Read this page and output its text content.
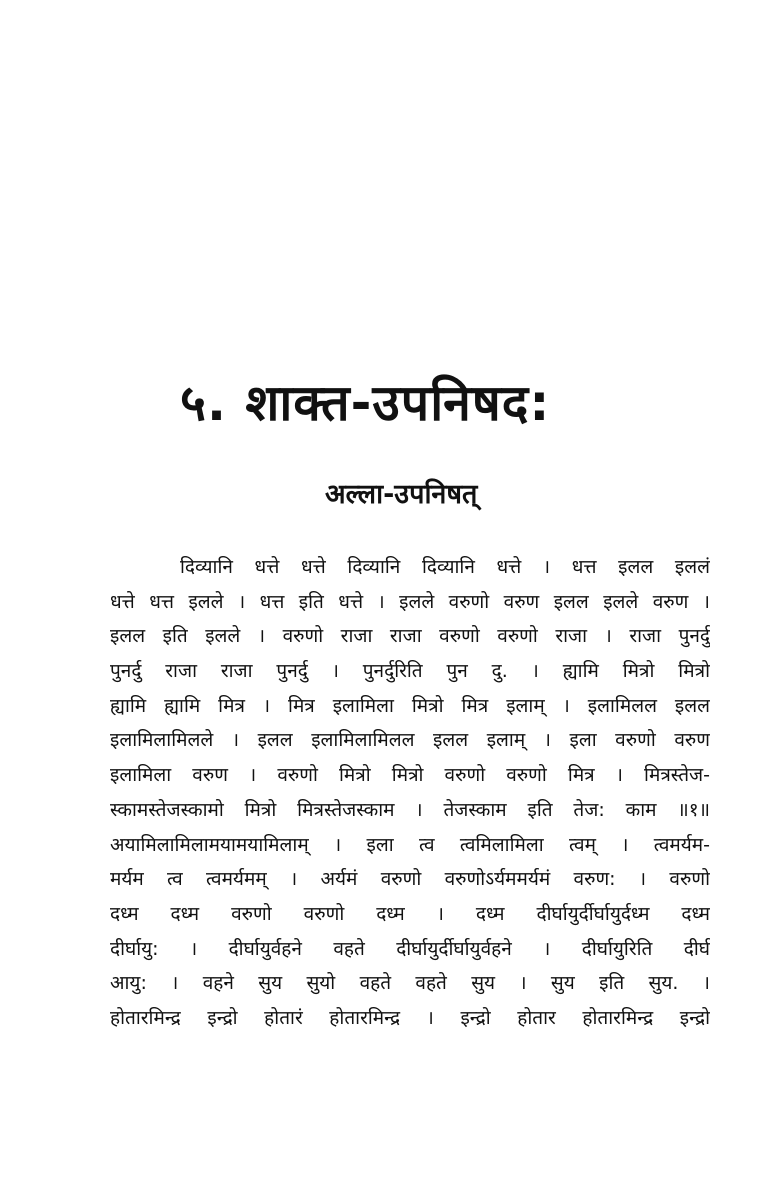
५. शाक्त-उपनिषद:
अल्ला-उपनिषत्
दिव्यानि धत्ते धत्ते दिव्यानि दिव्यानि धत्ते । धत्त इलल इललं
धत्ते धत्त इलले । धत्त इति धत्ते । इलले वरुणो वरुण इलल इलले वरुण ।
इलल इति इलले । वरुणो राजा राजा वरुणो वरुणो राजा । राजा पुनर्दु
पुनर्दु राजा राजा पुनर्दु । पुनर्दुरिति पुन दु. । ह्यामि मित्रो मित्रो
ह्यामि ह्यामि मित्र । मित्र इलामिला मित्रो मित्र इलाम् । इलामिलल इलल
इलामिलामिलले । इलल इलामिलामिलल इलल इलाम् । इला वरुणो वरुण
इलामिला वरुण । वरुणो मित्रो मित्रो वरुणो वरुणो मित्र । मित्रस्तेज-
स्कामस्तेजस्कामो मित्रो मित्रस्तेजस्काम । तेजस्काम इति तेज: काम ॥१॥
अयामिलामिलामयामयामिलाम् । इला त्व त्वमिलामिला त्वम् । त्वमर्यम-
मर्यम त्व त्वमर्यमम् । अर्यमं वरुणो वरुणोऽर्यममर्यमं वरुण: । वरुणो
दध्म दध्म वरुणो वरुणो दध्म । दध्म दीर्घायुर्दीर्घायुर्दध्म दध्म
दीर्घायु: । दीर्घायुर्वहने वहते दीर्घायुर्दीर्घायुर्वहने । दीर्घायुरिति दीर्घ
आयु: । वहने सुय सुयो वहते वहते सुय । सुय इति सुय. ।
होतारमिन्द्र इन्द्रो होतारं होतारमिन्द्र । इन्द्रो होतार होतारमिन्द्र इन्द्रो
